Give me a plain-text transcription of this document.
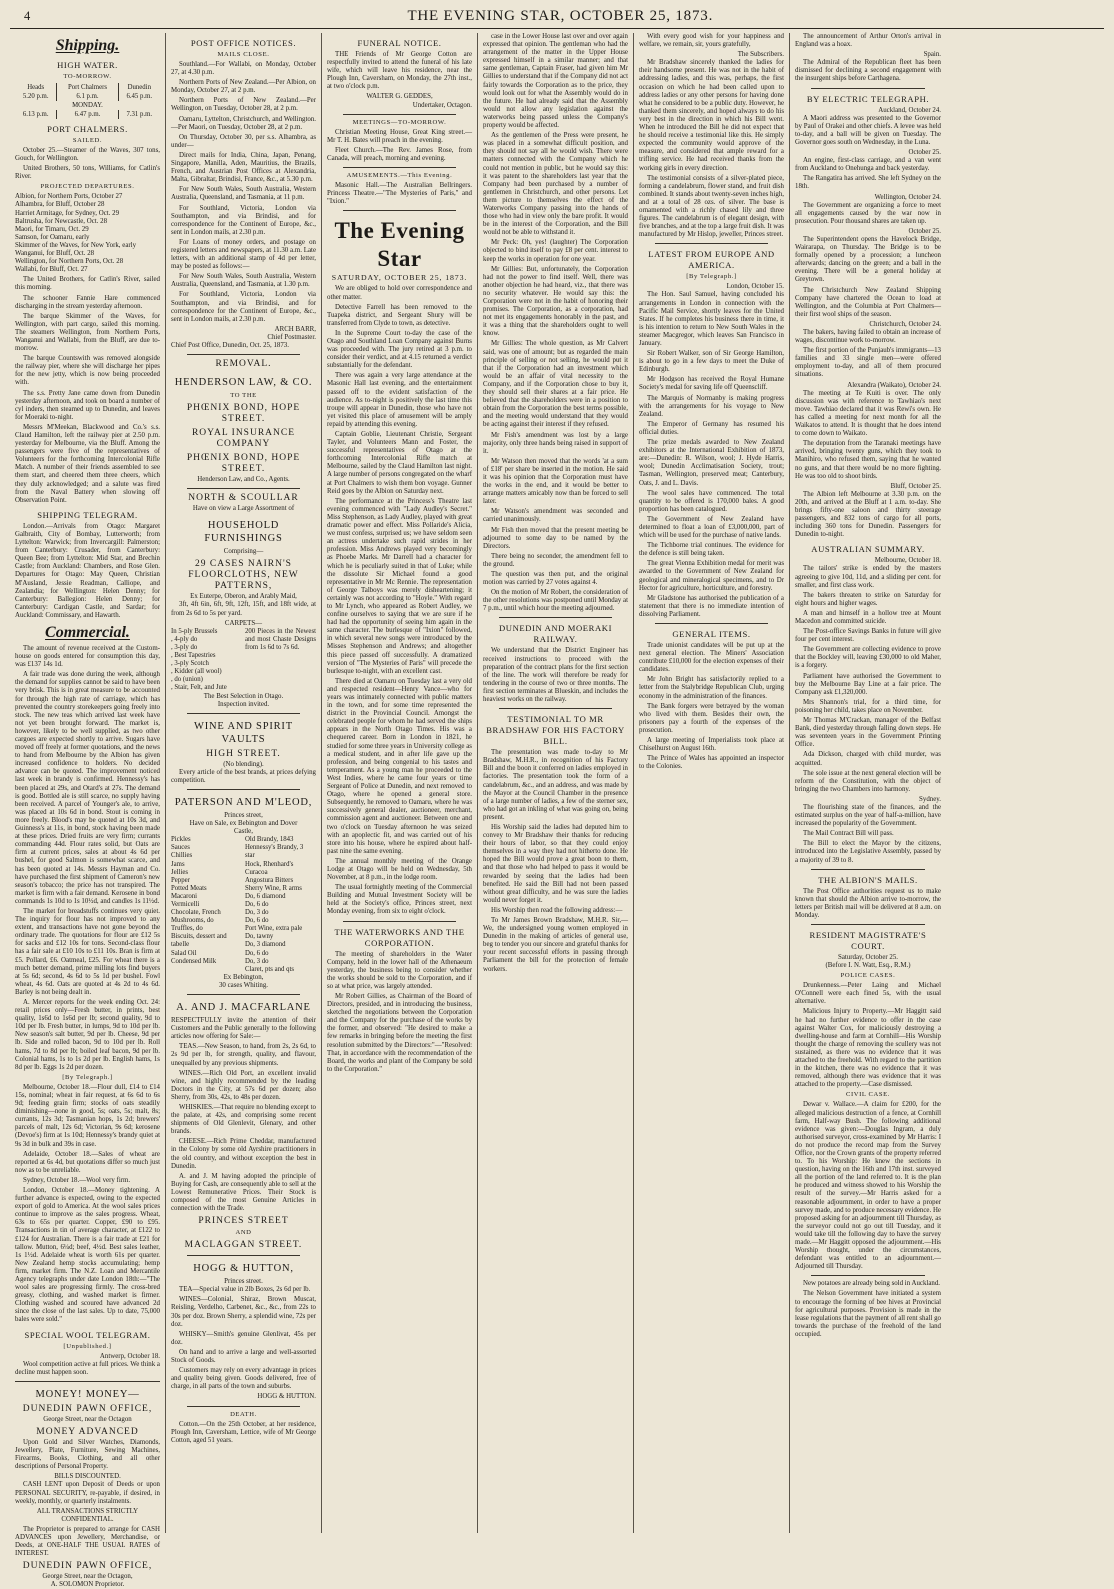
4	THE EVENING STAR, OCTOBER 25, 1873.
Shipping.
HIGH WATER.
TO-MORROW.
Heads	Port Chalmers	Dunedin
5.20 p.m.	6.1 p.m.	6.45 p.m.
MONDAY.		
6.13 p.m.	6.47 p.m.	7.31 p.m.
PORT CHALMERS.
SAILED.

October 25.—Steamer of the Waves, 307 tons, Gouch, for Wellington.

United Brothers, 50 tons, Williams, for Catlin's River.

PROJECTED DEPARTURES.

Albion, for Northern Ports, October 27
Alhambra, for Bluff, October 28
Harriet Armitage, for Sydney, Oct. 29
Baltrusha, for Newcastle, Oct. 28
Maori, for Timaru, Oct. 29
Samson, for Oamaru, early
Skimmer of the Waves, for New York, early
Wanganui, for Bluff, Oct. 28
Wellington, for Northern Ports, Oct. 28
Wallabi, for Bluff, Oct. 27

The United Brothers, for Catlin's River, sailed this morning.

The schooner Fannie Hare commenced discharging in the stream yesterday afternoon.

The barque Skimmer of the Waves, for Wellington, with part cargo, sailed this morning. The steamers Wellington, from Northern Ports, Wanganui and Wallabi, from the Bluff, are due to-morrow.

The barque Countswith was removed alongside the railway pier, where she will discharge her pipes for the new jetty, which is now being proceeded with.

The s.s. Pretty Jane came down from Dunedin yesterday afternoon, and took on board a number of cyl inders, then steamed up to Dunedin, and leaves for Moeraki to-night.

Messrs M'Meekan, Blackwood and Co.'s s.s. Claud Hamilton, left the railway pier at 2.50 p.m. yesterday for Melbourne, via the Bluff. Among the passengers were five of the representatives of Volunteers for the forthcoming Intercolonial Rifle Match. A number of their friends assembled to see them start, and cheered them three cheers, which they duly acknowledged; and a salute was fired from the Naval Battery when slowing off Observation Point.

SHIPPING TELEGRAM.

London.—Arrivals from Otago: Margaret Galbraith, City of Bombay, Lutterworth; from Lyttelton: Warwick; from Invercargill: Palmerston; from Canterbury: Crusader, from Canterbury: Queen Bee; from Lyttelton: Mid Star, and Brechin Castle; from Auckland: Chambers, and Rose Glen. Departures for Otago: May Queen, Christian M'Ausland, Jessie Readman, Calliope, and Zealandia; for Wellington: Helen Denny; for Canterbury: Ballegion: Helen Denny; for Canterbury: Cardigan Castle, and Sardar; for Auckland: Commissary, and Hawarth.

Commercial.

The amount of revenue received at the Custom-house on goods entered for consumption this day, was £137 14s 1d.

A fair trade was done during the week, although the demand for supplies cannot be said to have been very brisk. This is in great measure to be accounted for through the high rate of carriage, which has prevented the country storekeepers going freely into stock. The new teas which arrived last week have not yet been brought forward. The market is, however, likely to be well supplied, as two other cargoes are expected shortly to arrive. Sugars have moved off freely at former quotations, and the news to hand from Melbourne by the Albion has given increased confidence to holders. No decided advance can be quoted. The improvement noticed last week in brandy is confirmed. Hennessy's has been placed at 29s, and Otard's at 27s. The demand is good. Bottled ale is still scarce, no supply having been received. A parcel of Younger's ale, to arrive, was placed at 10s 6d in bond. Stout is coming in more freely. Blood's may be quoted at 10s 3d, and Guinness's at 11s, in bond, stock having been made at these prices. Dried fruits are very firm; currants commanding 44d. Flour rates solid, but Oats are firm at current prices, sales at about 4s 6d per bushel, for good Salmon is somewhat scarce, and has been quoted at 14s. Messrs Hayman and Co. have purchased the first shipment of Cameron's new season's tobacco; the price has not transpired. The market is firm with a fair demand. Kerosene in bond commands 1s 10d to 1s 10½d, and candles 1s 11½d.

The market for breadstuffs continues very quiet. The inquiry for flour has not improved to any extent, and transactions have not gone beyond the ordinary trade. The quotations for flour are £12 5s for sacks and £12 10s for tons. Second-class flour has a fair sale at £10 10s to £11 10s. Bran is firm at £5. Pollard, £6. Oatmeal, £25. For wheat there is a much better demand, prime milling lots find buyers at 5s 6d; second, 4s 6d to 5s 1d per bushel. Fowl wheat, 4s 6d. Oats are quoted at 4s 2d to 4s 6d. Barley is not being dealt in.

A. Mercer reports for the week ending Oct. 24: retail prices only—Fresh butter, in prints, best quality, 1s6d to 1s6d per lb; second quality, 9d to 10d per lb. Fresh butter, in lumps, 9d to 10d per lb. New season's salt butter, 9d per lb. Cheese, 9d per lb. Side and rolled bacon, 9d to 10d per lb. Roll hams, 7d to 8d per lb; boiled leaf bacon, 9d per lb. Colonial hams, 1s to 1s 2d per lb. English hams, 1s 8d per lb. Eggs 1s 2d per dozen.

[By Telegraph.]

Melbourne, October 18.—Flour dull, £14 to £14 15s, nominal; wheat in fair request, at 6s 6d to 6s 9d; feeding grain firm; stocks of oats steadily diminishing—none in good, 5s; oats, 5s; malt, 8s; currants, 12s 3d; Tasmanian hops, 1s 2d; brewers' parcels of malt, 12s 6d; Victorian, 9s 6d; kerosene (Devoe's) firm at 1s 10d; Hennessy's brandy quiet at 9s 3d in bulk and 39s in case.

Adelaide, October 18.—Sales of wheat are reported at 6s 4d, but quotations differ so much just now as to be unreliable.

Sydney, October 18.—Wool very firm.

London, October 18.—Money tightening. A further advance is expected, owing to the expected export of gold to America. At the wool sales prices continue to improve as the sales progress. Wheat, 63s to 65s per quarter. Copper, £90 to £95. Transactions in tin of average character, at £122 to £124 for Australian. There is a fair trade at £21 for tallow. Mutton, 6¼d; beef, 4½d. Best sales leather, 1s 1½d. Adelaide wheat is worth 61s per quarter. New Zealand hemp stocks accumulating; hemp firm, market firm. The N.Z. Loan and Mercantile Agency telegraphs under date London 18th:—"The wool sales are progressing firmly. The cross-bred greasy, clothing, and washed market is firmer. Clothing washed and scoured have advanced 2d since the close of the last sales. Up to date, 75,000 bales were sold."

SPECIAL WOOL TELEGRAM.
[Unpublished.]
Antwerp, October 18.

Wool competition active at full prices. We think a decline must happen soon.

MONEY! MONEY—
DUNEDIN PAWN OFFICE,
George Street, near the Octagon
MONEY ADVANCED

Upon Gold and Silver Watches, Diamonds, Jewellery, Plate, Furniture, Sewing Machines, Firearms, Books, Clothing, and all other descriptions of Personal Property.

BILLS DISCOUNTED.

CASH LENT upon Deposit of Deeds or upon PERSONAL SECURITY, re-payable, if desired, in weekly, monthly, or quarterly instalments.

ALL TRANSACTIONS STRICTLY CONFIDENTIAL.

The Proprietor is prepared to arrange for CASH ADVANCES upon Jewellery, Merchandise, or Deeds, at ONE-HALF THE USUAL RATES of INTEREST.

DUNEDIN PAWN OFFICE,
George Street, near the Octagon,
A. SOLOMON Proprietor.
POST OFFICE NOTICES.
MAILS CLOSE.

Southland.—For Wallabi, on Monday, October 27, at 4.30 p.m.

Northern Ports of New Zealand.—Per Albion, on Monday, October 27, at 2 p.m.

Northern Ports of New Zealand.—Per Wellington, on Tuesday, October 28, at 2 p.m.

Oamaru, Lyttelton, Christchurch, and Wellington.—Per Maori, on Tuesday, October 28, at 2 p.m.

On Thursday, October 30, per s.s. Alhambra, as under—

Direct mails for India, China, Japan, Penang, Singapore, Manilla, Aden, Mauritius, the Brazils, French, and Austrian Post Offices at Alexandria, Malta, Gibraltar, Brindisi, France, &c., at 5.30 p.m.

For New South Wales, South Australia, Western Australia, Queensland, and Tasmania, at 11 p.m.

For Southland, Victoria, London via Southampton, and via Brindisi, and for correspondence for the Continent of Europe, &c., sent in London mails, at 2.30 p.m.

For Loans of money orders, and postage on registered letters and newspapers, at 11.30 a.m. Late letters, with an additional stamp of 4d per letter, may be posted as follows:—

For New South Wales, South Australia, Western Australia, Queensland, and Tasmania, at 1.30 p.m.

For Southland, Victoria, London via Southampton, and via Brindisi, and for correspondence for the Continent of Europe, &c., sent in London mails, at 2.30 p.m.

ARCH BARR,
Chief Postmaster.
Chief Post Office, Dunedin, Oct. 25, 1873.
REMOVAL.
HENDERSON LAW, & CO.
TO THE
PHŒNIX BOND, HOPE STREET.
ROYAL INSURANCE COMPANY
PHŒNIX BOND, HOPE STREET.
Henderson Law, and Co., Agents.
NORTH & SCOULLAR
Have on view a Large Assortment of
HOUSEHOLD FURNISHINGS
Comprising—
29 CASES NAIRN'S FLOORCLOTHS, NEW PATTERNS,
Ex Euterpe, Oberon, and Arably Maid,

3ft, 4ft 6in, 6ft, 9ft, 12ft, 15ft, and 18ft wide, at from 2s 6d to 5s per yard.

CARPETS—
In 5-ply Brussels
, 4-ply do
, 3-ply do
, Best Tapestries
, 3-ply Scotch
, Kidder (all wool)
, do (union)
, Stair, Felt, and Jute
200 Pieces in the Newest and most Chaste Designs from 1s 6d to 7s 6d.
The Best Selection in Otago.
Inspection invited.
WINE AND SPIRIT VAULTS
HIGH STREET.
(No blending).

Every article of the best brands, at prices defying competition.

PATERSON AND M'LEOD,
Princes street,
Have on Sale, ex Bebington and Dover
Castle,
Pickles
Sauces
Chillies
Jams
Jellies
Pepper
Potted Meats
Macaroni
Vermicelli
Chocolate, French
Mushrooms, do
Truffles, do
Biscuits, dessert and
tabelle
Salad Oil
Condensed Milk
Old Brandy, 1843
Hennessy's Brandy, 3
star
Hock, Rhenhard's
Curacoa
Angostura Bitters
Sherry Wine, R arms
Do, 6 diamond
Do, 6 do
Do, 3 do
Do, 6 do
Port Wine, extra pale
Do, tawny
Do, 3 diamond
Do, 6 do
Do, 3 do
Claret, pts and qts
Ex Bebington,
30 cases Whiting.
A. AND J. MACFARLANE

RESPECTFULLY invite the attention of their Customers and the Public generally to the following articles now offering for Sale:—

TEAS.—New Season, to hand, from 2s, 2s 6d, to 2s 9d per lb, for strength, quality, and flavour, unequalled by any previous shipments.

WINES.—Rich Old Port, an excellent invalid wine, and highly recommended by the leading Doctors in the City, at 57s 6d per dozen; also Sherry, from 30s, 42s, to 48s per dozen.

WHISKIES.—That require no blending except to the palate, at 42s, and comprising some recent shipments of Old Glenlevit, Glenary, and other brands.

CHEESE.—Rich Prime Cheddar, manufactured in the Colony by some old Ayrshire practitioners in the old country, and without exception the best in Dunedin.

A. and J. M having adopted the principle of Buying for Cash, are consequently able to sell at the Lowest Remunerative Prices. Their Stock is composed of the most Genuine Articles in connection with the Trade.

PRINCES STREET
AND
MACLAGGAN STREET.
HOGG & HUTTON,
Princes street.

TEA—Special value in 2lb Boxes, 2s 6d per lb.

WINES—Colonial, Shiraz, Brown Muscat, Reisling, Verdelho, Carbenet, &c., &c., from 22s to 30s per doz. Brown Sherry, a splendid wine, 72s per doz.

WHISKY—Smith's genuine Glenlivat, 45s per doz.

On hand and to arrive a large and well-assorted Stock of Goods.

Customers may rely on every advantage in prices and quality being given. Goods delivered, free of charge, in all parts of the town and suburbs.

HOGG & HUTTON.
DEATH.

Cotton.—On the 25th October, at her residence, Plough Inn, Caversham, Lettice, wife of Mr George Cotton, aged 51 years.

FUNERAL NOTICE.

THE Friends of Mr George Cotton are respectfully invited to attend the funeral of his late wife, which will leave his residence, near the Plough Inn, Caversham, on Monday, the 27th inst., at two o'clock p.m.

WALTER G. GEDDES,
Undertaker, Octagon.
MEETINGS—TO-MORROW.

Christian Meeting House, Great King street.—Mr T. H. Bates will preach in the evening.

Fleet Church.—The Rev. James Rose, from Canada, will preach, morning and evening.

AMUSEMENTS.—This Evening.

Masonic Hall.—The Australian Bellringers. Princess Theatre.—"The Mysteries of Paris," and "Ixion."

The Evening Star
SATURDAY, OCTOBER 25, 1873.

We are obliged to hold over correspondence and other matter.

Detective Farrell has been removed to the Tuapeka district, and Sergeant Shury will be transferred from Clyde to town, as detective.

In the Supreme Court to-day the case of the Otago and Southland Loan Company against Burns was proceeded with. The jury retired at 3 p.m. to consider their verdict, and at 4.15 returned a verdict substantially for the defendant.

There was again a very large attendance at the Masonic Hall last evening, and the entertainment passed off to the evident satisfaction of the audience. As to-night is positively the last time this troupe will appear in Dunedin, those who have not yet visited this place of amusement will be amply repaid by attending this evening.

Captain Goblie, Lieutenant Christie, Sergeant Tayler, and Volunteers Mann and Foster, the successful representatives of Otago at the forthcoming Intercolonial Rifle match at Melbourne, sailed by the Claud Hamilton last night. A large number of persons congregated on the wharf at Port Chalmers to wish them bon voyage. Gunner Reid goes by the Albion on Saturday next.

The performance at the Princess's Theatre last evening commenced with "Lady Audley's Secret." Miss Stephenson, as Lady Audley, played with great dramatic power and effect. Miss Pollaride's Alicia, we must confess, surprised us; we have seldom seen an actress undertake such rapid strides in her profession. Miss Andrews played very becomingly as Phoebe Marks. Mr Darrell had a character for which he is peculiarly suited in that of Luke; while the dissolute Sir Michael found a good representative in Mr Mc Rennie. The representation of George Talboys was merely disheartening; it certainly was not according to "Hoyle." With regard to Mr Lynch, who appeared as Robert Audley, we confine ourselves to saying that we are sure if he had had the opportunity of seeing him again in the same character. The burlesque of "Ixion" followed, in which several new songs were introduced by the Misses Stephenson and Andrews; and altogether this piece passed off successfully. A dramatized version of "The Mysteries of Paris" will precede the burlesque to-night, with an excellent cast.

There died at Oamaru on Tuesday last a very old and respected resident—Henry Vance—who for years was intimately connected with public matters in the town, and for some time represented the district in the Provincial Council. Amongst the celebrated people for whom he had served the ships appears in the North Otago Times. His was a chequered career. Born in London in 1821, he studied for some three years in University college as a medical student, and in after life gave up the profession, and being congenial to his tastes and temperament. As a young man he proceeded to the West Indies, where he came four years or time Sergeant of Police at Dunedin, and next removed to Otago, where he opened a general store. Subsequently, he removed to Oamaru, where he was successively general dealer, auctioneer, merchant, commission agent and auctioneer. Between one and two o'clock on Tuesday afternoon he was seized with an apoplectic fit, and was carried out of his store into his house, where he expired about half-past nine the same evening.

The annual monthly meeting of the Orange Lodge at Otago will be held on Wednesday, 5th November, at 8 p.m., in the lodge room.

The usual fortnightly meeting of the Commercial Building and Mutual Investment Society will be held at the Society's office, Princes street, next Monday evening, from six to eight o'clock.

THE WATERWORKS AND THE CORPORATION.

The meeting of shareholders in the Water Company, held in the lower hall of the Athenaeum yesterday, the business being to consider whether the works should be sold to the Corporation, and if so at what price, was largely attended.

Mr Robert Gillies, as Chairman of the Board of Directors, presided, and in introducing the business, sketched the negotiations between the Corporation and the Company for the purchase of the works by the former, and observed: "He desired to make a few remarks in bringing before the meeting the first resolution submitted by the Directors:"—"Resolved: That, in accordance with the recommendation of the Board, the works and plant of the Company be sold to the Corporation."

case in the Lower House last over and over again expressed that opinion. The gentleman who had the arrangement of the matter in the Upper House expressed himself in a similar manner; and that same gentleman, Captain Fraser, had given him Mr Gillies to understand that if the Company did not act fairly towards the Corporation as to the price, they would look out for what the Assembly would do in the future. He had already said that the Assembly would not allow any legislation against the waterworks being passed unless the Company's property would be affected.

As the gentlemen of the Press were present, he was placed in a somewhat difficult position, and they should not say all he would wish. There were matters connected with the Company which he could not mention in public, but he would say this: it was patent to the shareholders last year that the Company had been purchased by a number of gentlemen in Christchurch, and other persons. Let them picture to themselves the effect of the Waterworks Company passing into the hands of those who had in view only the bare profit. It would be in the interest of the Corporation, and the Bill would not be able to withstand it.

Mr Peck: Oh, yes! (laughter) The Corporation objected to bind itself to pay £8 per cent. interest to keep the works in operation for one year.

Mr Gillies: But, unfortunately, the Corporation had not the power to find itself. Well, there was another objection he had heard, viz., that there was no security whatever. He would say this: the Corporation were not in the habit of honoring their promises. The Corporation, as a corporation, had not met its engagements honorably in the past, and it was a thing that the shareholders ought to well know.

Mr Gillies: The whole question, as Mr Calvert said, was one of amount; but as regarded the main principle of selling or not selling, he would put it that if the Corporation had an investment which would be an affair of vital necessity to the Company, and if the Corporation chose to buy it, they should sell their shares at a fair price. He believed that the shareholders were in a position to obtain from the Corporation the best terms possible, and the meeting would understand that they would be acting against their interest if they refused.

Mr Fish's amendment was lost by a large majority, only three hands being raised in support of it.

Mr Watson then moved that the words 'at a sum of £18' per share be inserted in the motion. He said it was his opinion that the Corporation must have the works in the end, and it would be better to arrange matters amicably now than be forced to sell later.

Mr Watson's amendment was seconded and carried unanimously.

Mr Fish then moved that the present meeting be adjourned to some day to be named by the Directors.

There being no seconder, the amendment fell to the ground.

The question was then put, and the original motion was carried by 27 votes against 4.

On the motion of Mr Robert, the consideration of the other resolutions was postponed until Monday at 7 p.m., until which hour the meeting adjourned.

DUNEDIN AND MOERAKI RAILWAY.

We understand that the District Engineer has received instructions to proceed with the preparation of the contract plans for the first section of the line. The work will therefore be ready for tendering in the course of two or three months. The first section terminates at Blueskin, and includes the heaviest works on the railway.

TESTIMONIAL TO MR BRADSHAW FOR HIS FACTORY BILL.

The presentation was made to-day to Mr Bradshaw, M.H.R., in recognition of his Factory Bill and the boon it conferred on ladies employed in factories. The presentation took the form of a candelabrum, &c., and an address, and was made by the Mayor at the Council Chamber in the presence of a large number of ladies, a few of the sterner sex, who had got an inkling of what was going on, being present.

His Worship said the ladies had deputed him to convey to Mr Bradshaw their thanks for reducing their hours of labor, so that they could enjoy themselves in a way they had not hitherto done. He hoped the Bill would prove a great boon to them, and that those who had helped to pass it would be rewarded by seeing that the ladies had been benefited. He said the Bill had not been passed without great difficulty, and he was sure the ladies would never forget it.

His Worship then read the following address:—

To Mr James Brown Bradshaw, M.H.R. Sir,—We, the undersigned young women employed in Dunedin in the making of articles of general use, beg to tender you our sincere and grateful thanks for your recent successful efforts in passing through Parliament the bill for the protection of female workers.

With every good wish for your happiness and welfare, we remain, sir, yours gratefully,

The Subscribers.

Mr Bradshaw sincerely thanked the ladies for their handsome present. He was not in the habit of addressing ladies, and this was, perhaps, the first occasion on which he had been called upon to address ladies or any other persons for having done what he considered to be a public duty. However, he thanked them sincerely, and hoped always to do his very best in the direction in which his Bill went. When he introduced the Bill he did not expect that he should receive a testimonial like this. He simply expected the community would approve of the measure, and considered that ample reward for a trifling service. He had received thanks from the working girls in every direction.

The testimonial consists of a silver-plated piece, forming a candelabrum, flower stand, and fruit dish combined. It stands about twenty-seven inches high, and at a total of 28 ozs. of silver. The base is ornamented with a richly chased lily and three figures. The candelabrum is of elegant design, with five branches, and at the top a large fruit dish. It was manufactured by Mr Hislop, jeweller, Princes street.

LATEST FROM EUROPE AND AMERICA.
[By Telegraph.]
London, October 15.

The Hon. Saul Samuel, having concluded his arrangements in London in connection with the Pacific Mail Service, shortly leaves for the United States. If he completes his business there in time, it is his intention to return to New South Wales in the steamer Macgregor, which leaves San Francisco in January.

Sir Robert Walker, son of Sir George Hamilton, is about to go in a few days to meet the Duke of Edinburgh.

Mr Hodgson has received the Royal Humane Society's medal for saving life off Queenscliff.

The Marquis of Normanby is making progress with the arrangements for his voyage to New Zealand.

The Emperor of Germany has resumed his official duties.

The prize medals awarded to New Zealand exhibitors at the International Exhibition of 1873, are:—Dunedin: R. Wilson, wool; J. Hyde Harris, wool; Dunedin Acclimatisation Society, trout; Tasman, Wellington, preserved meat; Canterbury, Oats, J. and L. Davis.

The wool sales have commenced. The total quantity to be offered is 170,000 bales. A good proportion has been catalogued.

The Government of New Zealand have determined to float a loan of £3,000,000, part of which will be used for the purchase of native lands.

The Tichborne trial continues. The evidence for the defence is still being taken.

The great Vienna Exhibition medal for merit was awarded to the Government of New Zealand for geological and mineralogical specimens, and to Dr Hector for agriculture, horticulture, and forestry.

Mr Gladstone has authorised the publication of a statement that there is no immediate intention of dissolving Parliament.

GENERAL ITEMS.

Trade unionist candidates will be put up at the next general election. The Miners' Association contribute £10,000 for the election expenses of their candidates.

Mr John Bright has satisfactorily replied to a letter from the Stalybridge Republican Club, urging economy in the administration of the finances.

The Bank forgers were betrayed by the woman who lived with them. Besides their own, the prisoners pay a fourth of the expenses of the prosecution.

A large meeting of Imperialists took place at Chiselhurst on August 16th.

The Prince of Wales has appointed an inspector to the Colonies.

The announcement of Arthur Orton's arrival in England was a hoax.

Spain.

The Admiral of the Republican fleet has been dismissed for declining a second engagement with the insurgent ships before Carthagena.

BY ELECTRIC TELEGRAPH.
Auckland, October 24.

A Maori address was presented to the Governor by Paul of Orakei and other chiefs. A levee was held to-day, and a ball will be given on Tuesday. The Governor goes south on Wednesday, in the Luna.

October 25.

An engine, first-class carriage, and a van went from Auckland to Onehunga and back yesterday.

The Rangatira has arrived. She left Sydney on the 18th.

Wellington, October 24.

The Government are organizing a force to meet all engagements caused by the war now in prosecution. Pour thousand shares are taken up.

October 25.

The Superintendent opens the Havelock Bridge, Wairarapa, on Thursday. The Bridge is to be formally opened by a procession; a luncheon afterwards; dancing on the green; and a ball in the evening. There will be a general holiday at Greytown.

The Christchurch New Zealand Shipping Company have chartered the Ocean to load at Wellington, and the Columbia at Port Chalmers—their first wool ships of the season.

Christchurch, October 24.

The bakers, having failed to obtain an increase of wages, discontinue work to-morrow.

The first portion of the Punjaub's immigrants—13 families and 33 single men—were offered employment to-day, and all of them procured situations.

Alexandra (Waikato), October 24.

The meeting at Te Kuiti is over. The only discussion was with reference to Tawhiao's next move. Tawhiao declared that it was Rewi's own. He has called a meeting for next month for all the Waikatos to attend. It is thought that he does intend to come down to Waikato.

The deputation from the Taranaki meetings have arrived, bringing twenty guns, which they took to Manihiro, who refused them, saying that he wanted no guns, and that there would be no more fighting. He was too old to shoot birds.

Bluff, October 25.

The Albion left Melbourne at 3.30 p.m. on the 20th, and arrived at the Bluff at 1 a.m. to-day. She brings fifty-one saloon and thirty steerage passengers, and 832 tons of cargo for all ports, including 360 tons for Dunedin. Passengers for Dunedin to-night.

AUSTRALIAN SUMMARY.
Melbourne, October 18.

The tailors' strike is ended by the masters agreeing to give 10d, 11d, and a sliding per cent. for smaller, and first class work.

The bakers threaten to strike on Saturday for eight hours and higher wages.

A man and himself in a hollow tree at Mount Macedon and committed suicide.

The Post-office Savings Banks in future will give four per cent interest.

The Government are collecting evidence to prove that the Bockley will, leaving £30,000 to old Maher, is a forgery.

Parliament have authorised the Government to buy the Melbourne Bay Line at a fair price. The Company ask £1,320,000.

Mrs Shannon's trial, for a third time, for poisoning her child, takes place on November.

Mr Thomas M'Crackan, manager of the Belfast Bank, died yesterday through falling down steps. He was seventeen years in the Government Printing Office.

Ada Dickson, charged with child murder, was acquitted.

The sole issue at the next general election will be reform of the Constitution, with the object of bringing the two Chambers into harmony.

Sydney.

The flourishing state of the finances, and the estimated surplus on the year of half-a-million, have increased the popularity of the Government.

The Mail Contract Bill will pass.

The Bill to elect the Mayor by the citizens, introduced into the Legislative Assembly, passed by a majority of 39 to 8.

THE ALBION'S MAILS.

The Post Office authorities request us to make known that should the Albion arrive to-morrow, the letters per British mail will be delivered at 8 a.m. on Monday.

RESIDENT MAGISTRATE'S COURT.
Saturday, October 25.
(Before I. N. Watt, Esq., R.M.)
POLICE CASES.

Drunkenness.—Peter Laing and Michael O'Connell were each fined 5s, with the usual alternative.

Malicious Injury to Property.—Mr Haggitt said he had no further evidence to offer in the case against Walter Cox, for maliciously destroying a dwelling-house and farm at Cornhill—His Worship thought the charge of removing the scullery was not sustained, as there was no evidence that it was attached to the freehold. With regard to the partition in the kitchen, there was no evidence that it was removed, although there was evidence that it was attached to the property.—Case dismissed.

CIVIL CASE.

Dewar v. Wallace.—A claim for £200, for the alleged malicious destruction of a fence, at Cornhill farm, Half-way Bush. The following additional evidence was given:—Douglas Ingram, a duly authorised surveyor, cross-examined by Mr Harris: I do not produce the record map from the Survey Office, nor the Crown grants of the property referred to. To his Worship: He knew the sections in question, having on the 16th and 17th inst. surveyed all the portion of the land referred to. It is the plan he produced and witness showed to his Worship the result of the survey.—Mr Harris asked for a reasonable adjournment, in order to have a proper survey made, and to produce necessary evidence. He proposed asking for an adjournment till Thursday, as the surveyor could not go out till Tuesday, and it would take till the following day to have the survey made.—Mr Haggitt opposed the adjournment.—His Worship thought, under the circumstances, defendant was entitled to an adjournment.—Adjourned till Thursday.

New potatoes are already being sold in Auckland.

The Nelson Government have initiated a system to encourage the forming of bee hives at Provincial for agricultural purposes. Provision is made in the lease regulations that the payment of all rent shall go towards the purchase of the freehold of the land occupied.
